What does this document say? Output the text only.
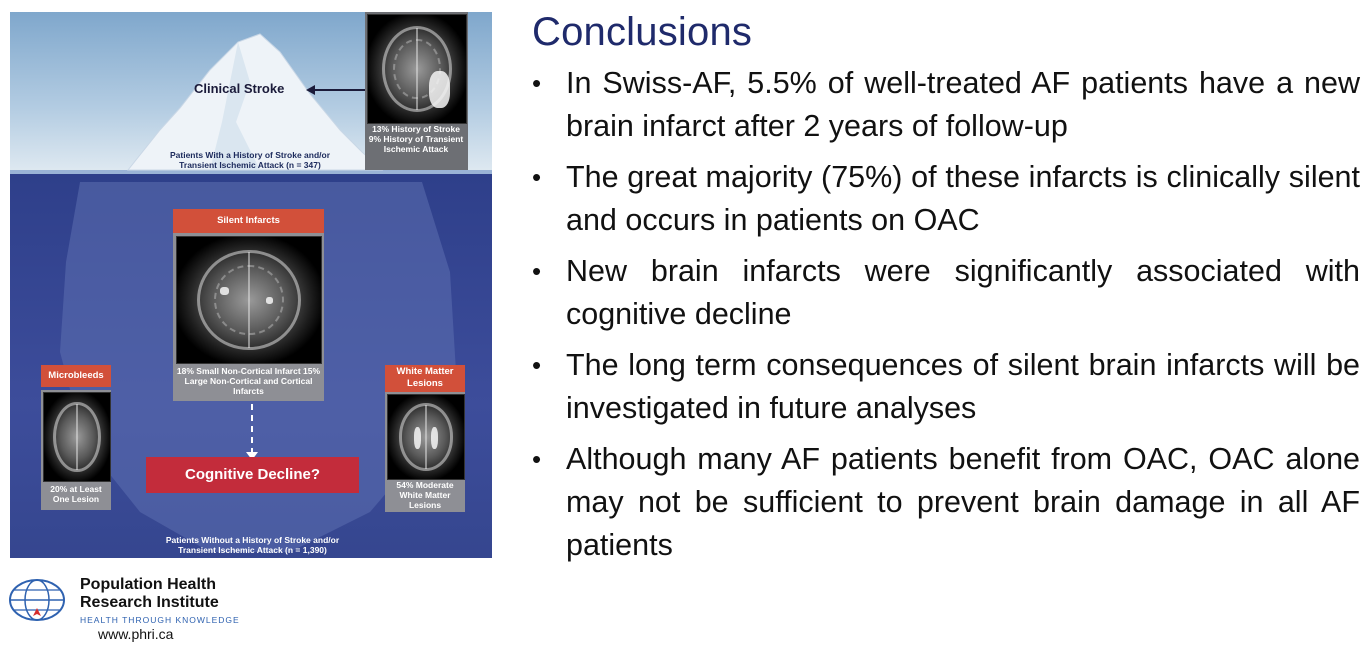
Clinical Stroke
Patients With a History of Stroke and/or Transient Ischemic Attack (n = 347)
13% History of Stroke 9% History of Transient Ischemic Attack
Silent Infarcts
18% Small Non-Cortical Infarct 15% Large Non-Cortical and Cortical Infarcts
Microbleeds
20% at Least One Lesion
White Matter Lesions
54% Moderate White Matter Lesions
Cognitive Decline?
Patients Without a History of Stroke and/or Transient Ischemic Attack (n = 1,390)
Conclusions
• In Swiss-AF, 5.5% of well-treated AF patients have a new brain infarct after 2 years of follow-up
• The great majority (75%) of these infarcts is clinically silent and occurs in patients on OAC
• New brain infarcts were significantly associated with cognitive decline
• The long term consequences of silent brain infarcts will be investigated in future analyses
• Although many AF patients benefit from OAC, OAC alone may not be sufficient to prevent brain damage in all AF patients
Population Health
Research Institute
HEALTH THROUGH KNOWLEDGE
www.phri.ca
